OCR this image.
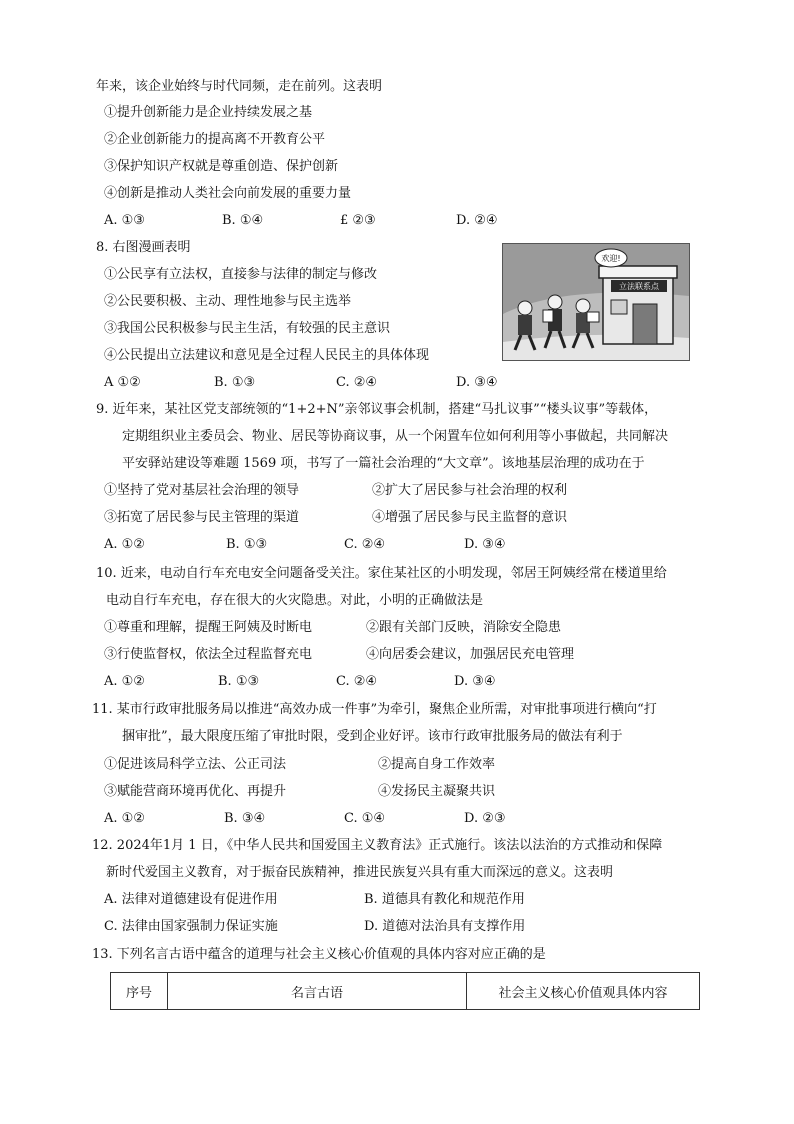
年来，该企业始终与时代同频，走在前列。这表明
①提升创新能力是企业持续发展之基
②企业创新能力的提高离不开教育公平
③保护知识产权就是尊重创造、保护创新
④创新是推动人类社会向前发展的重要力量
A. ①③	B. ①④	£ ②③	D. ②④
8. 右图漫画表明
①公民享有立法权，直接参与法律的制定与修改
②公民要积极、主动、理性地参与民主选举
③我国公民积极参与民主生活，有较强的民主意识
④公民提出立法建议和意见是全过程人民民主的具体体现
A ①②	B. ①③	C. ②④	D. ③④
欢迎!
立法联系点
9. 近年来，某社区党支部统领的“1+2+N”亲邻议事会机制，搭建“马扎议事”“楼头议事”等载体，
定期组织业主委员会、物业、居民等协商议事，从一个闲置车位如何利用等小事做起，共同解决
平安驿站建设等难题 1569 项，书写了一篇社会治理的“大文章”。该地基层治理的成功在于
①坚持了党对基层社会治理的领导	②扩大了居民参与社会治理的权利
③拓宽了居民参与民主管理的渠道	④增强了居民参与民主监督的意识
A. ①②	B. ①③	C. ②④	D. ③④
10. 近来，电动自行车充电安全问题备受关注。家住某社区的小明发现，邻居王阿姨经常在楼道里给
电动自行车充电，存在很大的火灾隐患。对此，小明的正确做法是
①尊重和理解，提醒王阿姨及时断电	②跟有关部门反映，消除安全隐患
③行使监督权，依法全过程监督充电	④向居委会建议，加强居民充电管理
A. ①②	B. ①③	C. ②④	D. ③④
11. 某市行政审批服务局以推进“高效办成一件事”为牵引，聚焦企业所需，对审批事项进行横向“打
捆审批”，最大限度压缩了审批时限，受到企业好评。该市行政审批服务局的做法有利于
①促进该局科学立法、公正司法	②提高自身工作效率
③赋能营商环境再优化、再提升	④发扬民主凝聚共识
A. ①②	B. ③④	C. ①④	D. ②③
12. 2024年1月 1 日，《中华人民共和国爱国主义教育法》正式施行。该法以法治的方式推动和保障
新时代爱国主义教育，对于振奋民族精神，推进民族复兴具有重大而深远的意义。这表明
A. 法律对道德建设有促进作用	B. 道德具有教化和规范作用
C. 法律由国家强制力保证实施	D. 道德对法治具有支撑作用
13. 下列名言古语中蕴含的道理与社会主义核心价值观的具体内容对应正确的是
序号	名言古语	社会主义核心价值观具体内容
